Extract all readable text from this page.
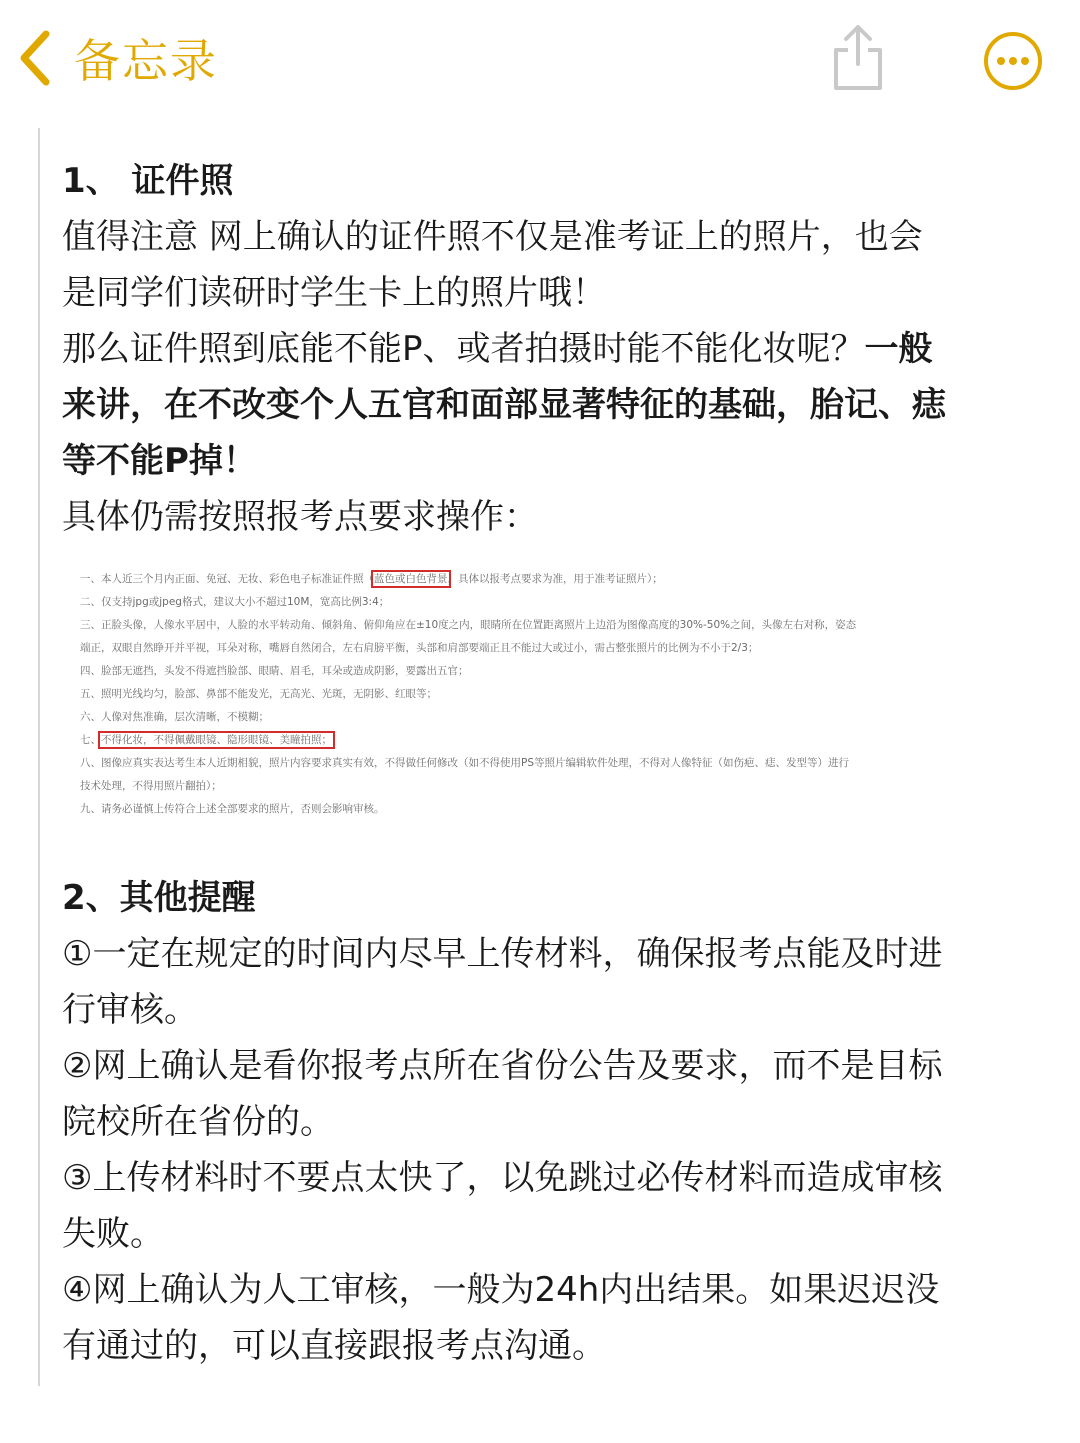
备忘录
1、 证件照
值得注意 网上确认的证件照不仅是准考证上的照片，也会
是同学们读研时学生卡上的照片哦！
那么证件照到底能不能P、或者拍摄时能不能化妆呢？一般
来讲，在不改变个人五官和面部显著特征的基础，胎记、痣
等不能P掉！
具体仍需按照报考点要求操作：
一、本人近三个月内正面、免冠、无妆、彩色电子标准证件照（蓝色或白色背景，具体以报考点要求为准，用于准考证照片）；
二、仅支持jpg或jpeg格式，建议大小不超过10M，宽高比例3:4；
三、正脸头像，人像水平居中，人脸的水平转动角、倾斜角、俯仰角应在±10度之内，眼睛所在位置距离照片上边沿为图像高度的30%-50%之间，头像左右对称，姿态
端正，双眼自然睁开并平视，耳朵对称，嘴唇自然闭合，左右肩膀平衡，头部和肩部要端正且不能过大或过小，需占整张照片的比例为不小于2/3；
四、脸部无遮挡，头发不得遮挡脸部、眼睛、眉毛，耳朵或造成阴影，要露出五官；
五、照明光线均匀，脸部、鼻部不能发光，无高光、光斑，无阴影、红眼等；
六、人像对焦准确，层次清晰，不模糊；
七、不得化妆，不得佩戴眼镜、隐形眼镜、美瞳拍照；
八、图像应真实表达考生本人近期相貌，照片内容要求真实有效，不得做任何修改（如不得使用PS等照片编辑软件处理，不得对人像特征（如伤疤、痣、发型等）进行
技术处理，不得用照片翻拍）；
九、请务必谨慎上传符合上述全部要求的照片，否则会影响审核。
2、其他提醒
①一定在规定的时间内尽早上传材料，确保报考点能及时进
行审核。
②网上确认是看你报考点所在省份公告及要求，而不是目标
院校所在省份的。
③上传材料时不要点太快了，以免跳过必传材料而造成审核
失败。
④网上确认为人工审核，一般为24h内出结果。如果迟迟没
有通过的，可以直接跟报考点沟通。
